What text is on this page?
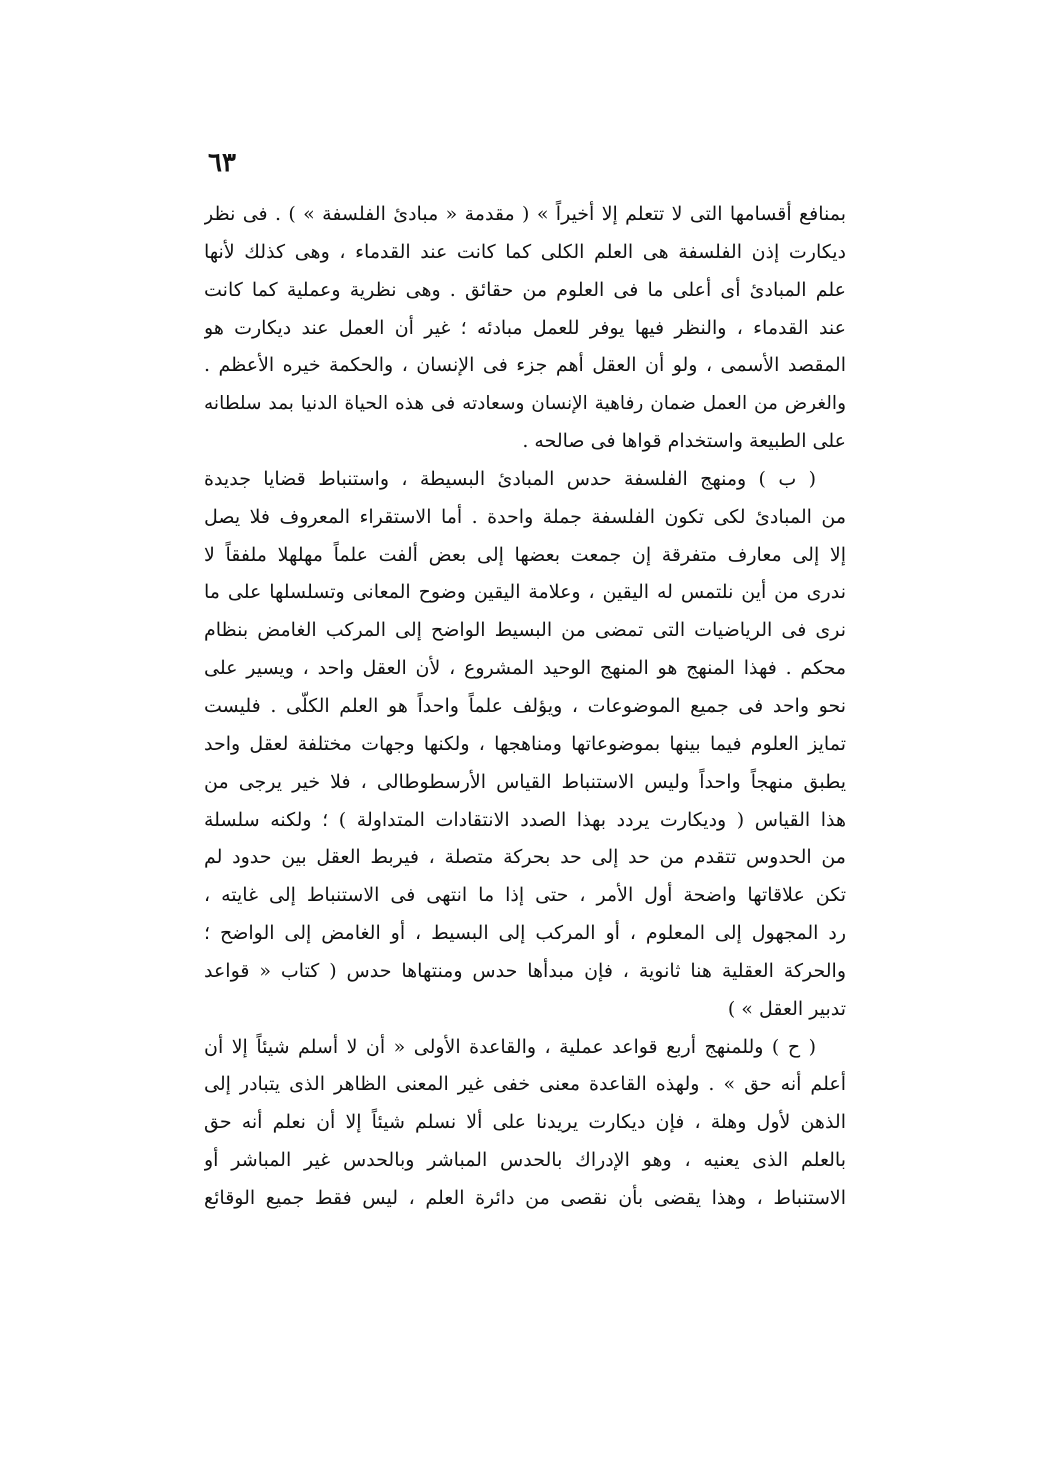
٦٣
بمنافع أقسامها التى لا تتعلم إلا أخيراً » ( مقدمة « مبادئ الفلسفة » ) . فى نظر
ديكارت إذن الفلسفة هى العلم الكلى كما كانت عند القدماء ، وهى كذلك لأنها
علم المبادئ أى أعلى ما فى العلوم من حقائق . وهى نظرية وعملية كما كانت
عند القدماء ، والنظر فيها يوفر للعمل مبادئه ؛ غير أن العمل عند ديكارت هو
المقصد الأسمى ، ولو أن العقل أهم جزء فى الإنسان ، والحكمة خيره الأعظم .
والغرض من العمل ضمان رفاهية الإنسان وسعادته فى هذه الحياة الدنيا بمد سلطانه
على الطبيعة واستخدام قواها فى صالحه .
( ب ) ومنهج الفلسفة حدس المبادئ البسيطة ، واستنباط قضايا جديدة
من المبادئ لكى تكون الفلسفة جملة واحدة . أما الاستقراء المعروف فلا يصل
إلا إلى معارف متفرقة إن جمعت بعضها إلى بعض ألفت علماً مهلهلا ملفقاً لا
ندرى من أين نلتمس له اليقين ، وعلامة اليقين وضوح المعانى وتسلسلها على ما
نرى فى الرياضيات التى تمضى من البسيط الواضح إلى المركب الغامض بنظام
محكم . فهذا المنهج هو المنهج الوحيد المشروع ، لأن العقل واحد ، ويسير على
نحو واحد فى جميع الموضوعات ، ويؤلف علماً واحداً هو العلم الكلّى . فليست
تمايز العلوم فيما بينها بموضوعاتها ومناهجها ، ولكنها وجهات مختلفة لعقل واحد
يطبق منهجاً واحداً وليس الاستنباط القياس الأرسطوطالى ، فلا خير يرجى من
هذا القياس ( وديكارت يردد بهذا الصدد الانتقادات المتداولة ) ؛ ولكنه سلسلة
من الحدوس تتقدم من حد إلى حد بحركة متصلة ، فيربط العقل بين حدود لم
تكن علاقاتها واضحة أول الأمر ، حتى إذا ما انتهى فى الاستنباط إلى غايته ،
رد المجهول إلى المعلوم ، أو المركب إلى البسيط ، أو الغامض إلى الواضح ؛
والحركة العقلية هنا ثانوية ، فإن مبدأها حدس ومنتهاها حدس ( كتاب « قواعد
تدبير العقل » )
( ح ) وللمنهج أربع قواعد عملية ، والقاعدة الأولى « أن لا أسلم شيئاً إلا أن
أعلم أنه حق » . ولهذه القاعدة معنى خفى غير المعنى الظاهر الذى يتبادر إلى
الذهن لأول وهلة ، فإن ديكارت يريدنا على ألا نسلم شيئاً إلا أن نعلم أنه حق
بالعلم الذى يعنيه ، وهو الإدراك بالحدس المباشر وبالحدس غير المباشر أو
الاستنباط ، وهذا يقضى بأن نقصى من دائرة العلم ، ليس فقط جميع الوقائع
